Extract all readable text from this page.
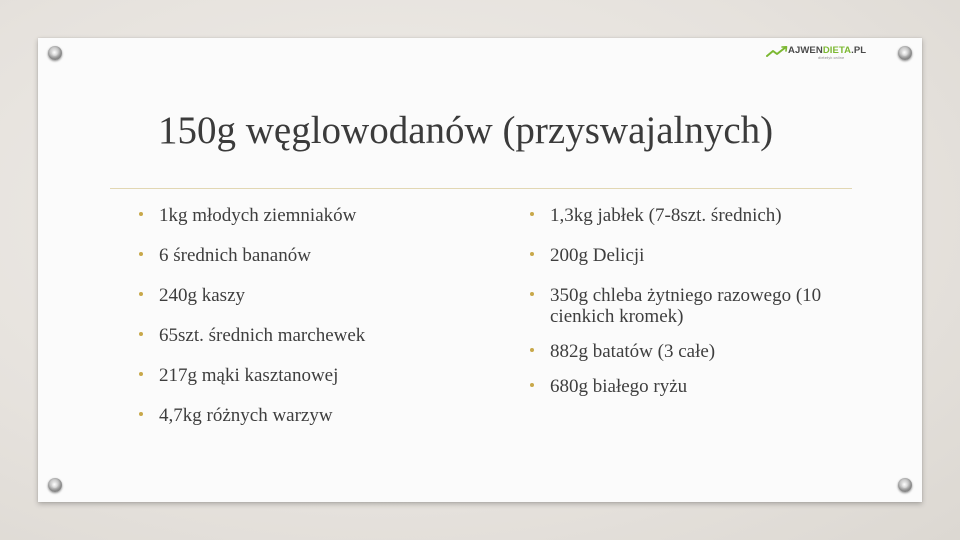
AJWENDIETA.PL
dietetyk online
150g węglowodanów (przyswajalnych)
1kg młodych ziemniaków
6 średnich bananów
240g kaszy
65szt. średnich marchewek
217g mąki kasztanowej
4,7kg różnych warzyw
1,3kg jabłek (7-8szt. średnich)
200g Delicji
350g chleba żytniego razowego (10 cienkich kromek)
882g batatów (3 całe)
680g białego ryżu
